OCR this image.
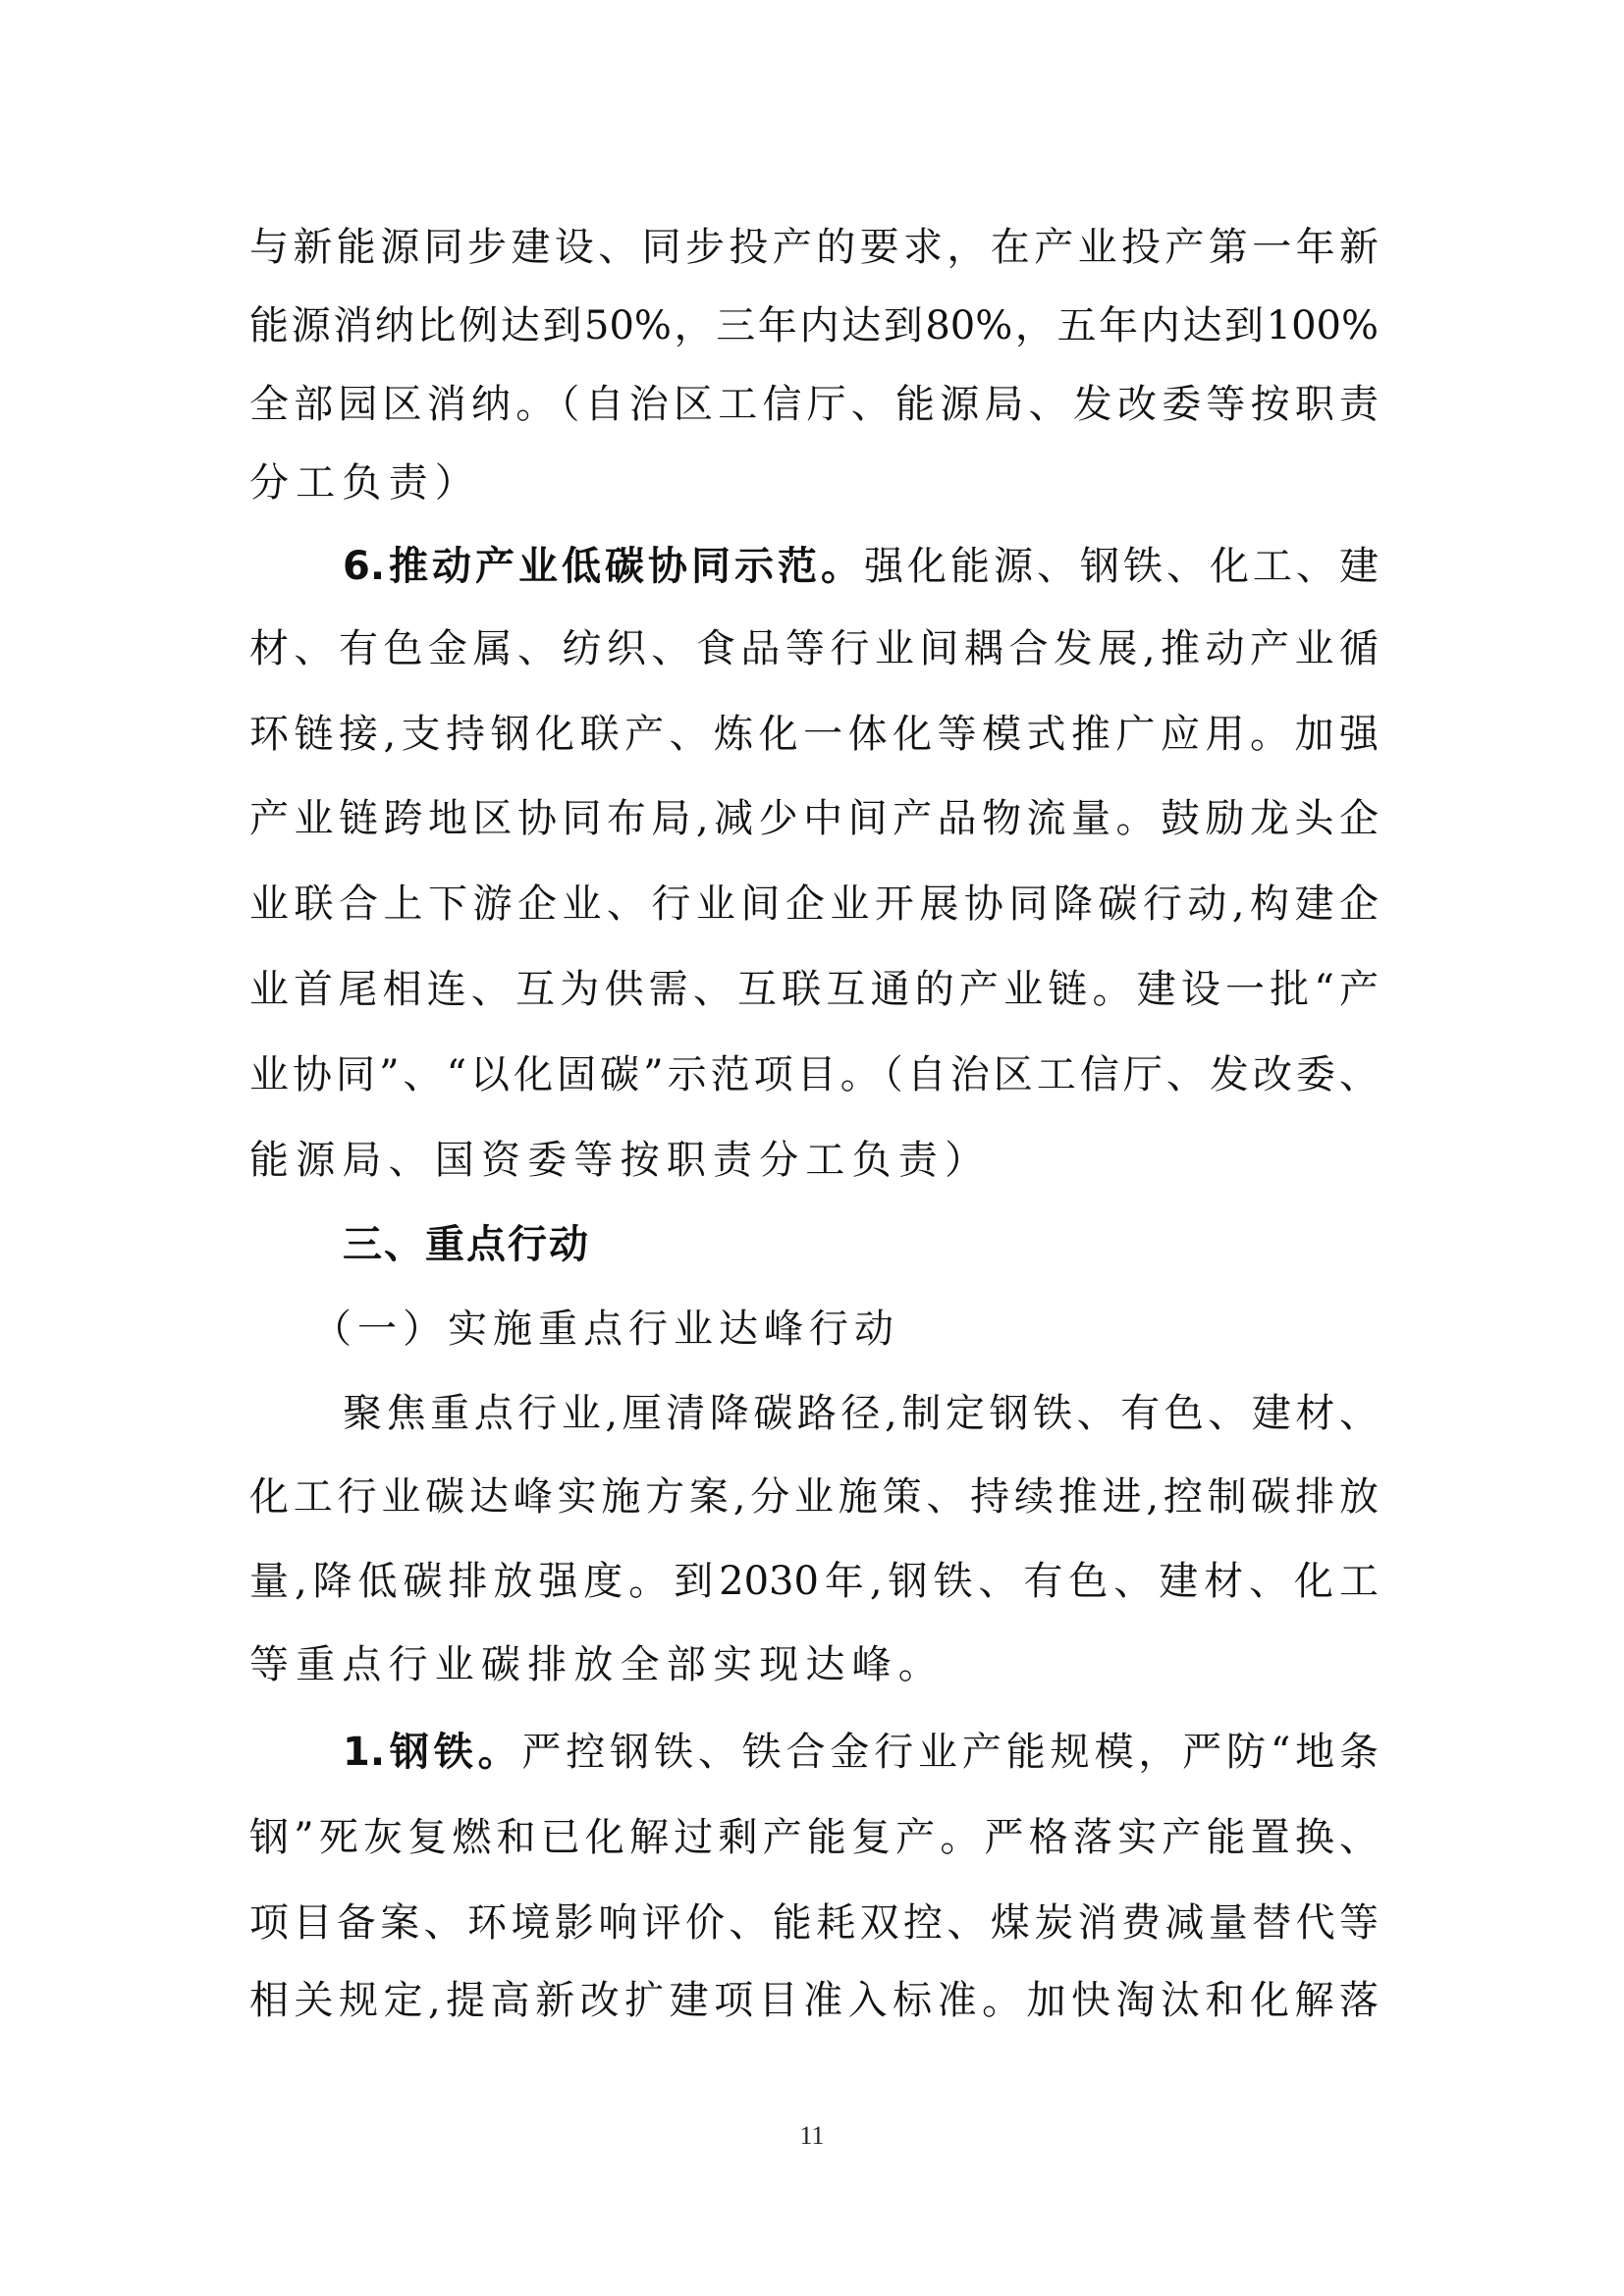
与新能源同步建设、同步投产的要求，在产业投产第一年新
能源消纳比例达到50%，三年内达到80%，五年内达到100%
全部园区消纳。（自治区工信厅、能源局、发改委等按职责
分工负责）
6.推动产业低碳协同示范。强化能源、钢铁、化工、建
材、有色金属、纺织、食品等行业间耦合发展,推动产业循
环链接,支持钢化联产、炼化一体化等模式推广应用。加强
产业链跨地区协同布局,减少中间产品物流量。鼓励龙头企
业联合上下游企业、行业间企业开展协同降碳行动,构建企
业首尾相连、互为供需、互联互通的产业链。建设一批“产
业协同”、“以化固碳”示范项目。（自治区工信厅、发改委、
能源局、国资委等按职责分工负责）
三、重点行动
（一）实施重点行业达峰行动
聚焦重点行业,厘清降碳路径,制定钢铁、有色、建材、
化工行业碳达峰实施方案,分业施策、持续推进,控制碳排放
量,降低碳排放强度。到2030年,钢铁、有色、建材、化工
等重点行业碳排放全部实现达峰。
1.钢铁。严控钢铁、铁合金行业产能规模，严防“地条
钢”死灰复燃和已化解过剩产能复产。严格落实产能置换、
项目备案、环境影响评价、能耗双控、煤炭消费减量替代等
相关规定,提高新改扩建项目准入标准。加快淘汰和化解落
11
